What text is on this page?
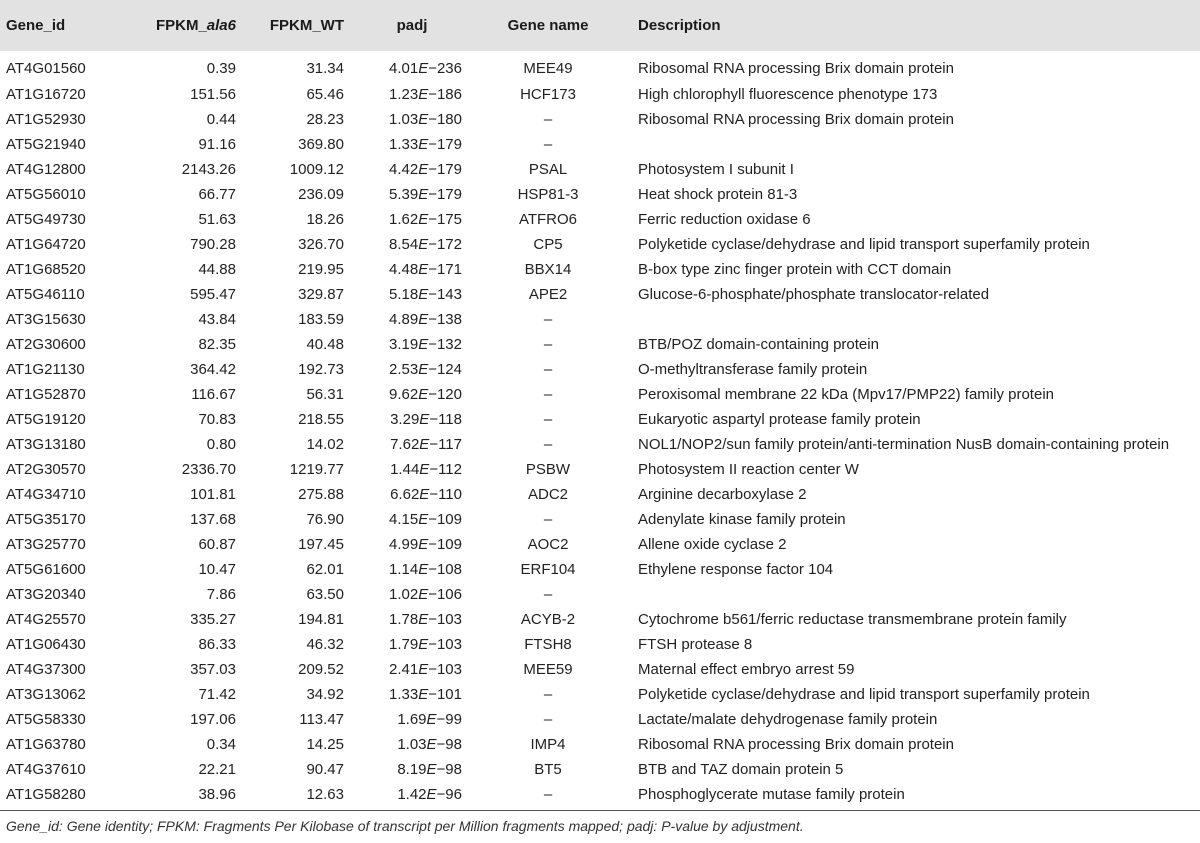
Gene_id	FPKM_ala6	FPKM_WT	padj	Gene name	Description
AT4G01560	0.39	31.34	4.01E−236	MEE49	Ribosomal RNA processing Brix domain protein
AT1G16720	151.56	65.46	1.23E−186	HCF173	High chlorophyll fluorescence phenotype 173
AT1G52930	0.44	28.23	1.03E−180	–	Ribosomal RNA processing Brix domain protein
AT5G21940	91.16	369.80	1.33E−179	–	
AT4G12800	2143.26	1009.12	4.42E−179	PSAL	Photosystem I subunit I
AT5G56010	66.77	236.09	5.39E−179	HSP81-3	Heat shock protein 81-3
AT5G49730	51.63	18.26	1.62E−175	ATFRO6	Ferric reduction oxidase 6
AT1G64720	790.28	326.70	8.54E−172	CP5	Polyketide cyclase/dehydrase and lipid transport superfamily protein
AT1G68520	44.88	219.95	4.48E−171	BBX14	B-box type zinc finger protein with CCT domain
AT5G46110	595.47	329.87	5.18E−143	APE2	Glucose-6-phosphate/phosphate translocator-related
AT3G15630	43.84	183.59	4.89E−138	–	
AT2G30600	82.35	40.48	3.19E−132	–	BTB/POZ domain-containing protein
AT1G21130	364.42	192.73	2.53E−124	–	O-methyltransferase family protein
AT1G52870	116.67	56.31	9.62E−120	–	Peroxisomal membrane 22 kDa (Mpv17/PMP22) family protein
AT5G19120	70.83	218.55	3.29E−118	–	Eukaryotic aspartyl protease family protein
AT3G13180	0.80	14.02	7.62E−117	–	NOL1/NOP2/sun family protein/anti-termination NusB domain-containing protein
AT2G30570	2336.70	1219.77	1.44E−112	PSBW	Photosystem II reaction center W
AT4G34710	101.81	275.88	6.62E−110	ADC2	Arginine decarboxylase 2
AT5G35170	137.68	76.90	4.15E−109	–	Adenylate kinase family protein
AT3G25770	60.87	197.45	4.99E−109	AOC2	Allene oxide cyclase 2
AT5G61600	10.47	62.01	1.14E−108	ERF104	Ethylene response factor 104
AT3G20340	7.86	63.50	1.02E−106	–	
AT4G25570	335.27	194.81	1.78E−103	ACYB-2	Cytochrome b561/ferric reductase transmembrane protein family
AT1G06430	86.33	46.32	1.79E−103	FTSH8	FTSH protease 8
AT4G37300	357.03	209.52	2.41E−103	MEE59	Maternal effect embryo arrest 59
AT3G13062	71.42	34.92	1.33E−101	–	Polyketide cyclase/dehydrase and lipid transport superfamily protein
AT5G58330	197.06	113.47	1.69E−99	–	Lactate/malate dehydrogenase family protein
AT1G63780	0.34	14.25	1.03E−98	IMP4	Ribosomal RNA processing Brix domain protein
AT4G37610	22.21	90.47	8.19E−98	BT5	BTB and TAZ domain protein 5
AT1G58280	38.96	12.63	1.42E−96	–	Phosphoglycerate mutase family protein
Gene_id: Gene identity; FPKM: Fragments Per Kilobase of transcript per Million fragments mapped; padj: P-value by adjustment.
